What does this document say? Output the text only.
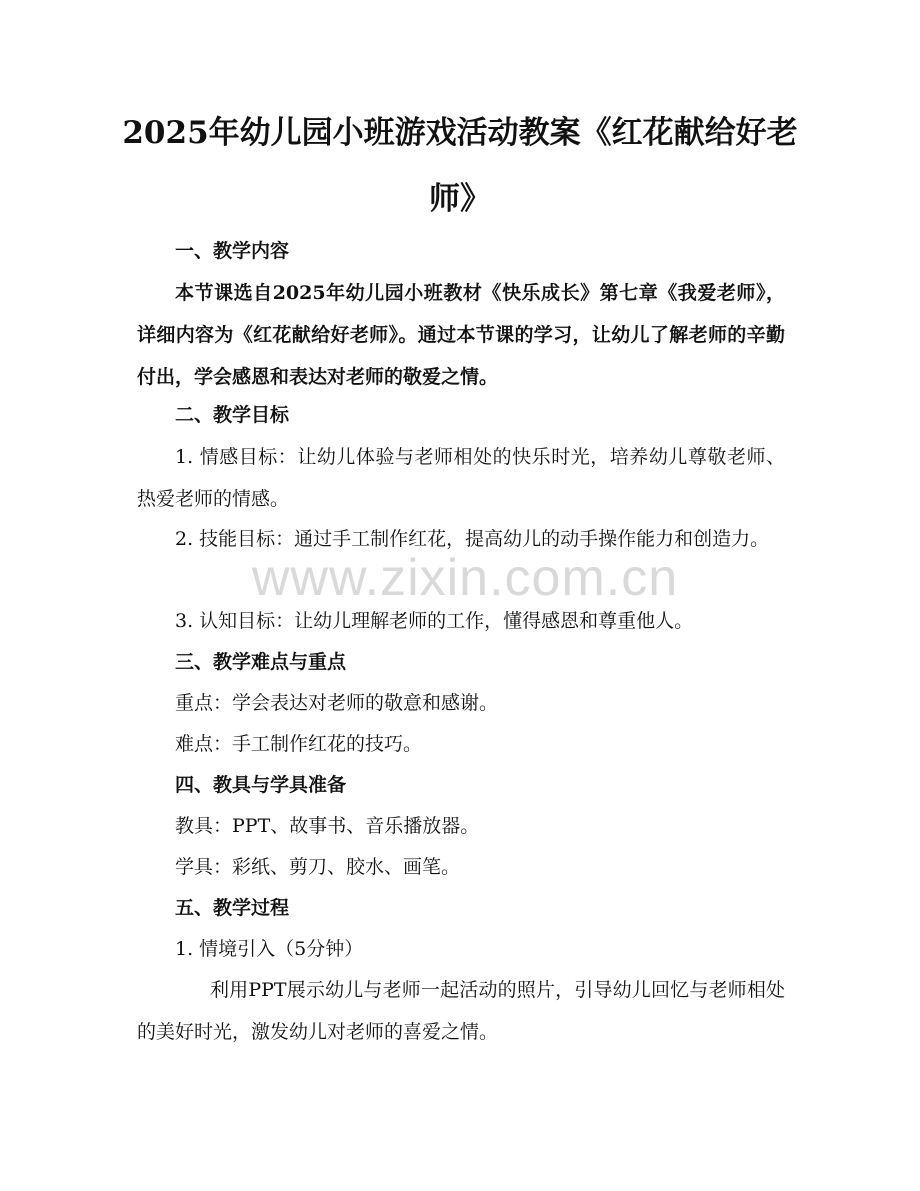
2025年幼儿园小班游戏活动教案《红花献给好老师》

一、教学内容

本节课选自2025年幼儿园小班教材《快乐成长》第七章《我爱老师》，详细内容为《红花献给好老师》。通过本节课的学习，让幼儿了解老师的辛勤付出，学会感恩和表达对老师的敬爱之情。

二、教学目标

1. 情感目标：让幼儿体验与老师相处的快乐时光，培养幼儿尊敬老师、热爱老师的情感。

2. 技能目标：通过手工制作红花，提高幼儿的动手操作能力和创造力。

3. 认知目标：让幼儿理解老师的工作，懂得感恩和尊重他人。

三、教学难点与重点

重点：学会表达对老师的敬意和感谢。

难点：手工制作红花的技巧。

四、教具与学具准备

教具：PPT、故事书、音乐播放器。

学具：彩纸、剪刀、胶水、画笔。

五、教学过程

1. 情境引入（5分钟）

利用PPT展示幼儿与老师一起活动的照片，引导幼儿回忆与老师相处的美好时光，激发幼儿对老师的喜爱之情。

www.zixin.com.cn
